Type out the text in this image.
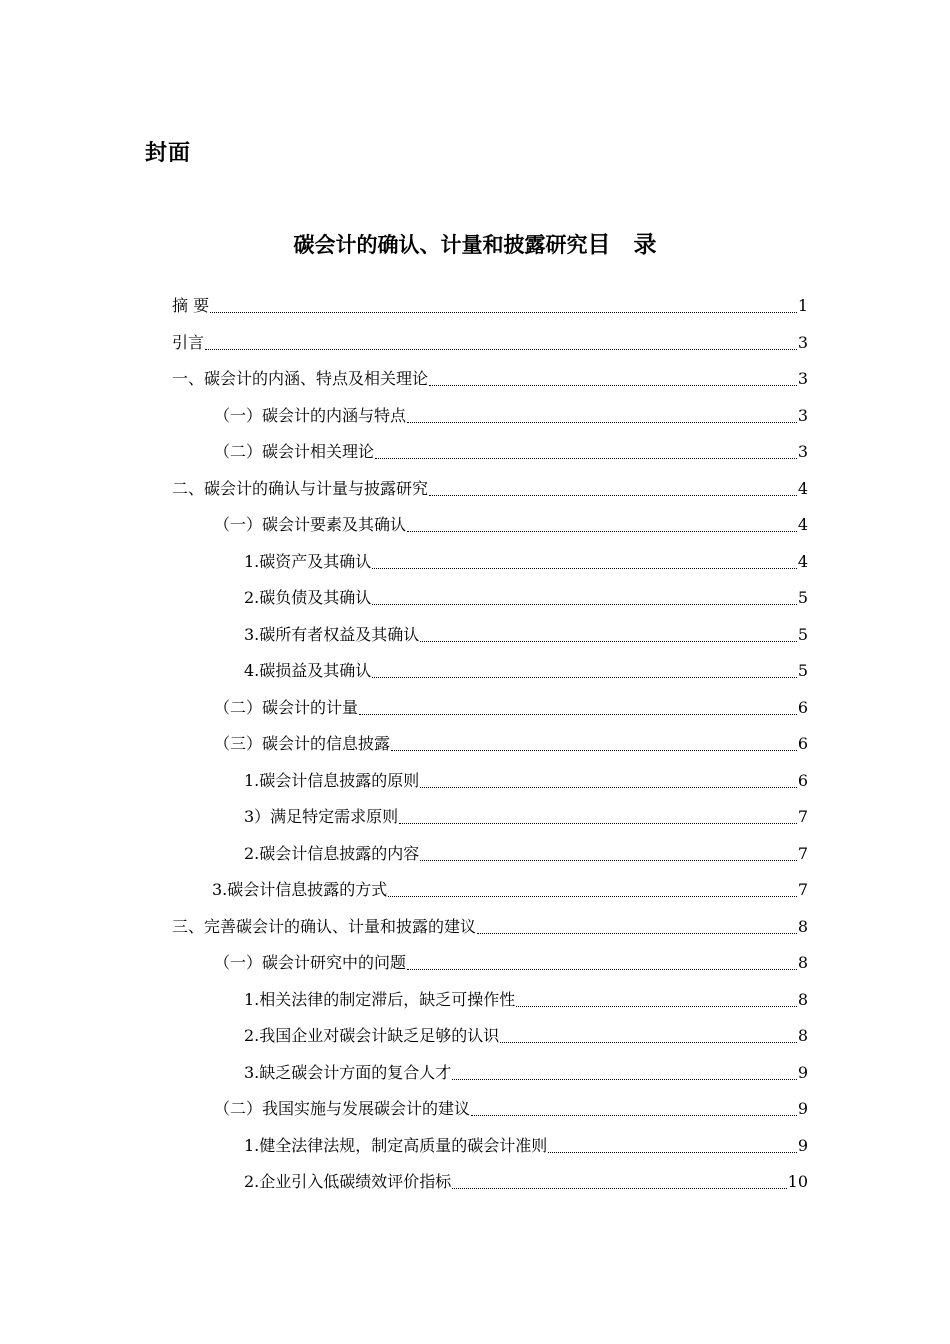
封面
碳会计的确认、计量和披露研究目　录
摘 要	1
引言	3
一、碳会计的内涵、特点及相关理论	3
（一）碳会计的内涵与特点	3
（二）碳会计相关理论	3
二、碳会计的确认与计量与披露研究	4
（一）碳会计要素及其确认	4
1.碳资产及其确认	4
2.碳负债及其确认	5
3.碳所有者权益及其确认	5
4.碳损益及其确认	5
（二）碳会计的计量	6
（三）碳会计的信息披露	6
1.碳会计信息披露的原则	6
3）满足特定需求原则	7
2.碳会计信息披露的内容	7
3.碳会计信息披露的方式	7
三、完善碳会计的确认、计量和披露的建议	8
（一）碳会计研究中的问题	8
1.相关法律的制定滞后，缺乏可操作性	8
2.我国企业对碳会计缺乏足够的认识	8
3.缺乏碳会计方面的复合人才	9
（二）我国实施与发展碳会计的建议	9
1.健全法律法规，制定高质量的碳会计准则	9
2.企业引入低碳绩效评价指标	10
